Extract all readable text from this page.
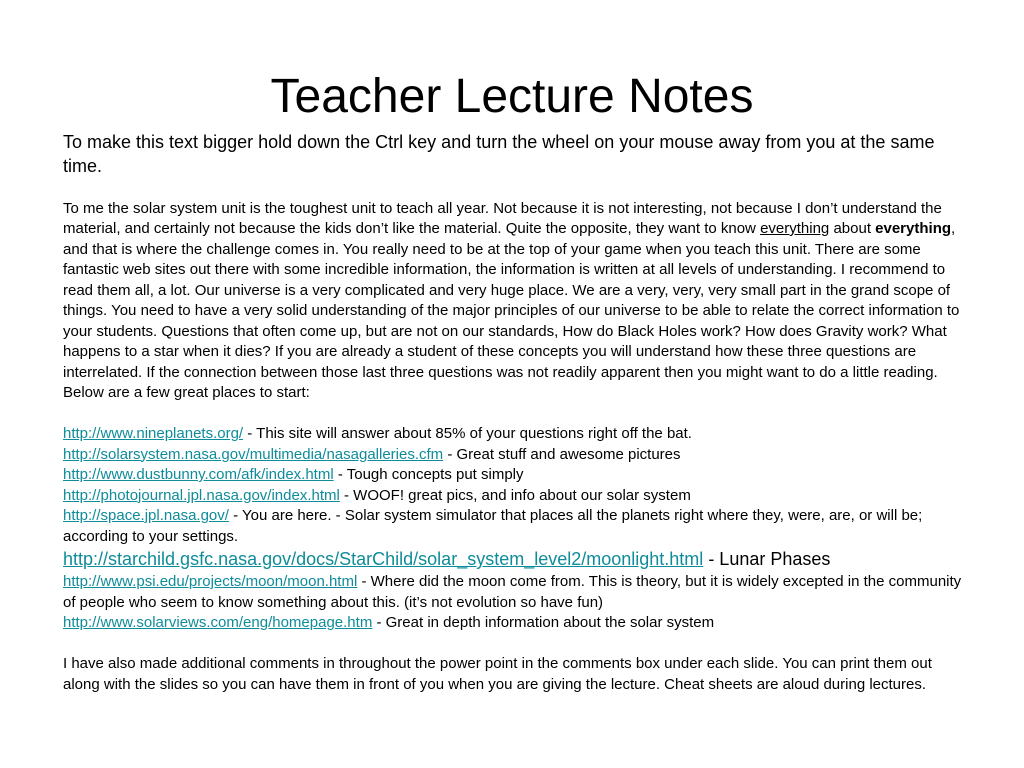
Teacher Lecture Notes

To make this text bigger hold down the Ctrl key and turn the wheel on your mouse away from you at the same time.

To me the solar system unit is the toughest unit to teach all year. Not because it is not interesting, not because I don’t understand the material, and certainly not because the kids don’t like the material. Quite the opposite, they want to know everything about everything, and that is where the challenge comes in. You really need to be at the top of your game when you teach this unit. There are some fantastic web sites out there with some incredible information, the information is written at all levels of understanding. I recommend to read them all, a lot. Our universe is a very complicated and very huge place. We are a very, very, very small part in the grand scope of things. You need to have a very solid understanding of the major principles of our universe to be able to relate the correct information to your students. Questions that often come up, but are not on our standards, How do Black Holes work? How does Gravity work? What happens to a star when it dies? If you are already a student of these concepts you will understand how these three questions are interrelated. If the connection between those last three questions was not readily apparent then you might want to do a little reading. Below are a few great places to start:

http://www.nineplanets.org/ - This site will answer about 85% of your questions right off the bat.

http://solarsystem.nasa.gov/multimedia/nasagalleries.cfm - Great stuff and awesome pictures

http://www.dustbunny.com/afk/index.html - Tough concepts put simply

http://photojournal.jpl.nasa.gov/index.html - WOOF! great pics, and info about our solar system

http://space.jpl.nasa.gov/ - You are here. - Solar system simulator that places all the planets right where they, were, are, or will be; according to your settings.

http://starchild.gsfc.nasa.gov/docs/StarChild/solar_system_level2/moonlight.html - Lunar Phases

http://www.psi.edu/projects/moon/moon.html - Where did the moon come from. This is theory, but it is widely excepted in the community of people who seem to know something about this. (it’s not evolution so have fun)

http://www.solarviews.com/eng/homepage.htm - Great in depth information about the solar system

I have also made additional comments in throughout the power point in the comments box under each slide. You can print them out along with the slides so you can have them in front of you when you are giving the lecture. Cheat sheets are aloud during lectures.
